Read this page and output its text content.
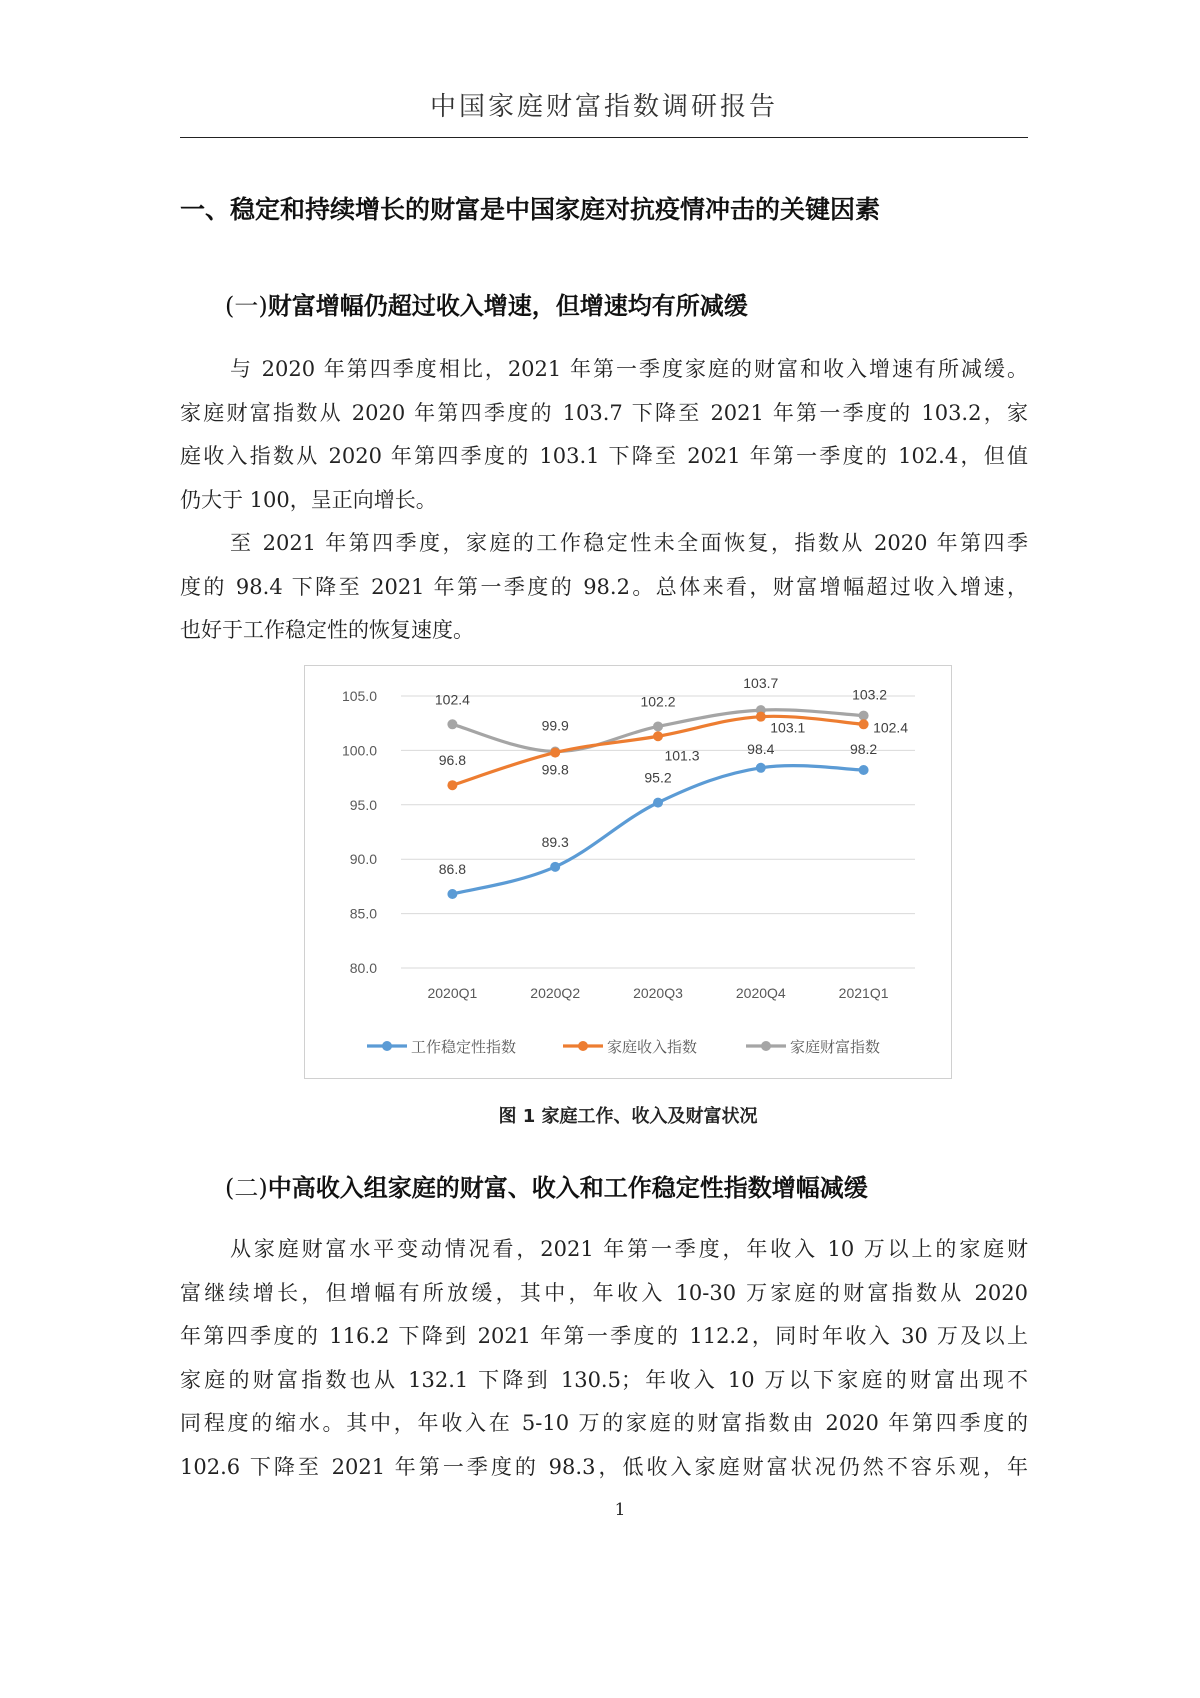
中国家庭财富指数调研报告
一、稳定和持续增长的财富是中国家庭对抗疫情冲击的关键因素
(一)财富增幅仍超过收入增速，但增速均有所减缓
与 2020 年第四季度相比，2021 年第一季度家庭的财富和收入增速有所减缓。
家庭财富指数从 2020 年第四季度的 103.7 下降至 2021 年第一季度的 103.2，家
庭收入指数从 2020 年第四季度的 103.1 下降至 2021 年第一季度的 102.4，但值
仍大于 100，呈正向增长。
至 2021 年第四季度，家庭的工作稳定性未全面恢复，指数从 2020 年第四季
度的 98.4 下降至 2021 年第一季度的 98.2。总体来看，财富增幅超过收入增速，
也好于工作稳定性的恢复速度。
105.0
100.0
95.0
90.0
85.0
80.0
2020Q1	2020Q2	2020Q3	2020Q4	2021Q1
86.8
89.3
95.2
98.4	98.2
96.8
99.8
101.3
103.1	102.4
102.4
99.9
102.2
103.7
103.2
工作稳定性指数	家庭收入指数	家庭财富指数
图 1 家庭工作、收入及财富状况
(二)中高收入组家庭的财富、收入和工作稳定性指数增幅减缓
从家庭财富水平变动情况看，2021 年第一季度，年收入 10 万以上的家庭财
富继续增长，但增幅有所放缓，其中，年收入 10-30 万家庭的财富指数从 2020
年第四季度的 116.2 下降到 2021 年第一季度的 112.2，同时年收入 30 万及以上
家庭的财富指数也从 132.1 下降到 130.5；年收入 10 万以下家庭的财富出现不
同程度的缩水。其中，年收入在 5-10 万的家庭的财富指数由 2020 年第四季度的
102.6 下降至 2021 年第一季度的 98.3，低收入家庭财富状况仍然不容乐观，年
1
